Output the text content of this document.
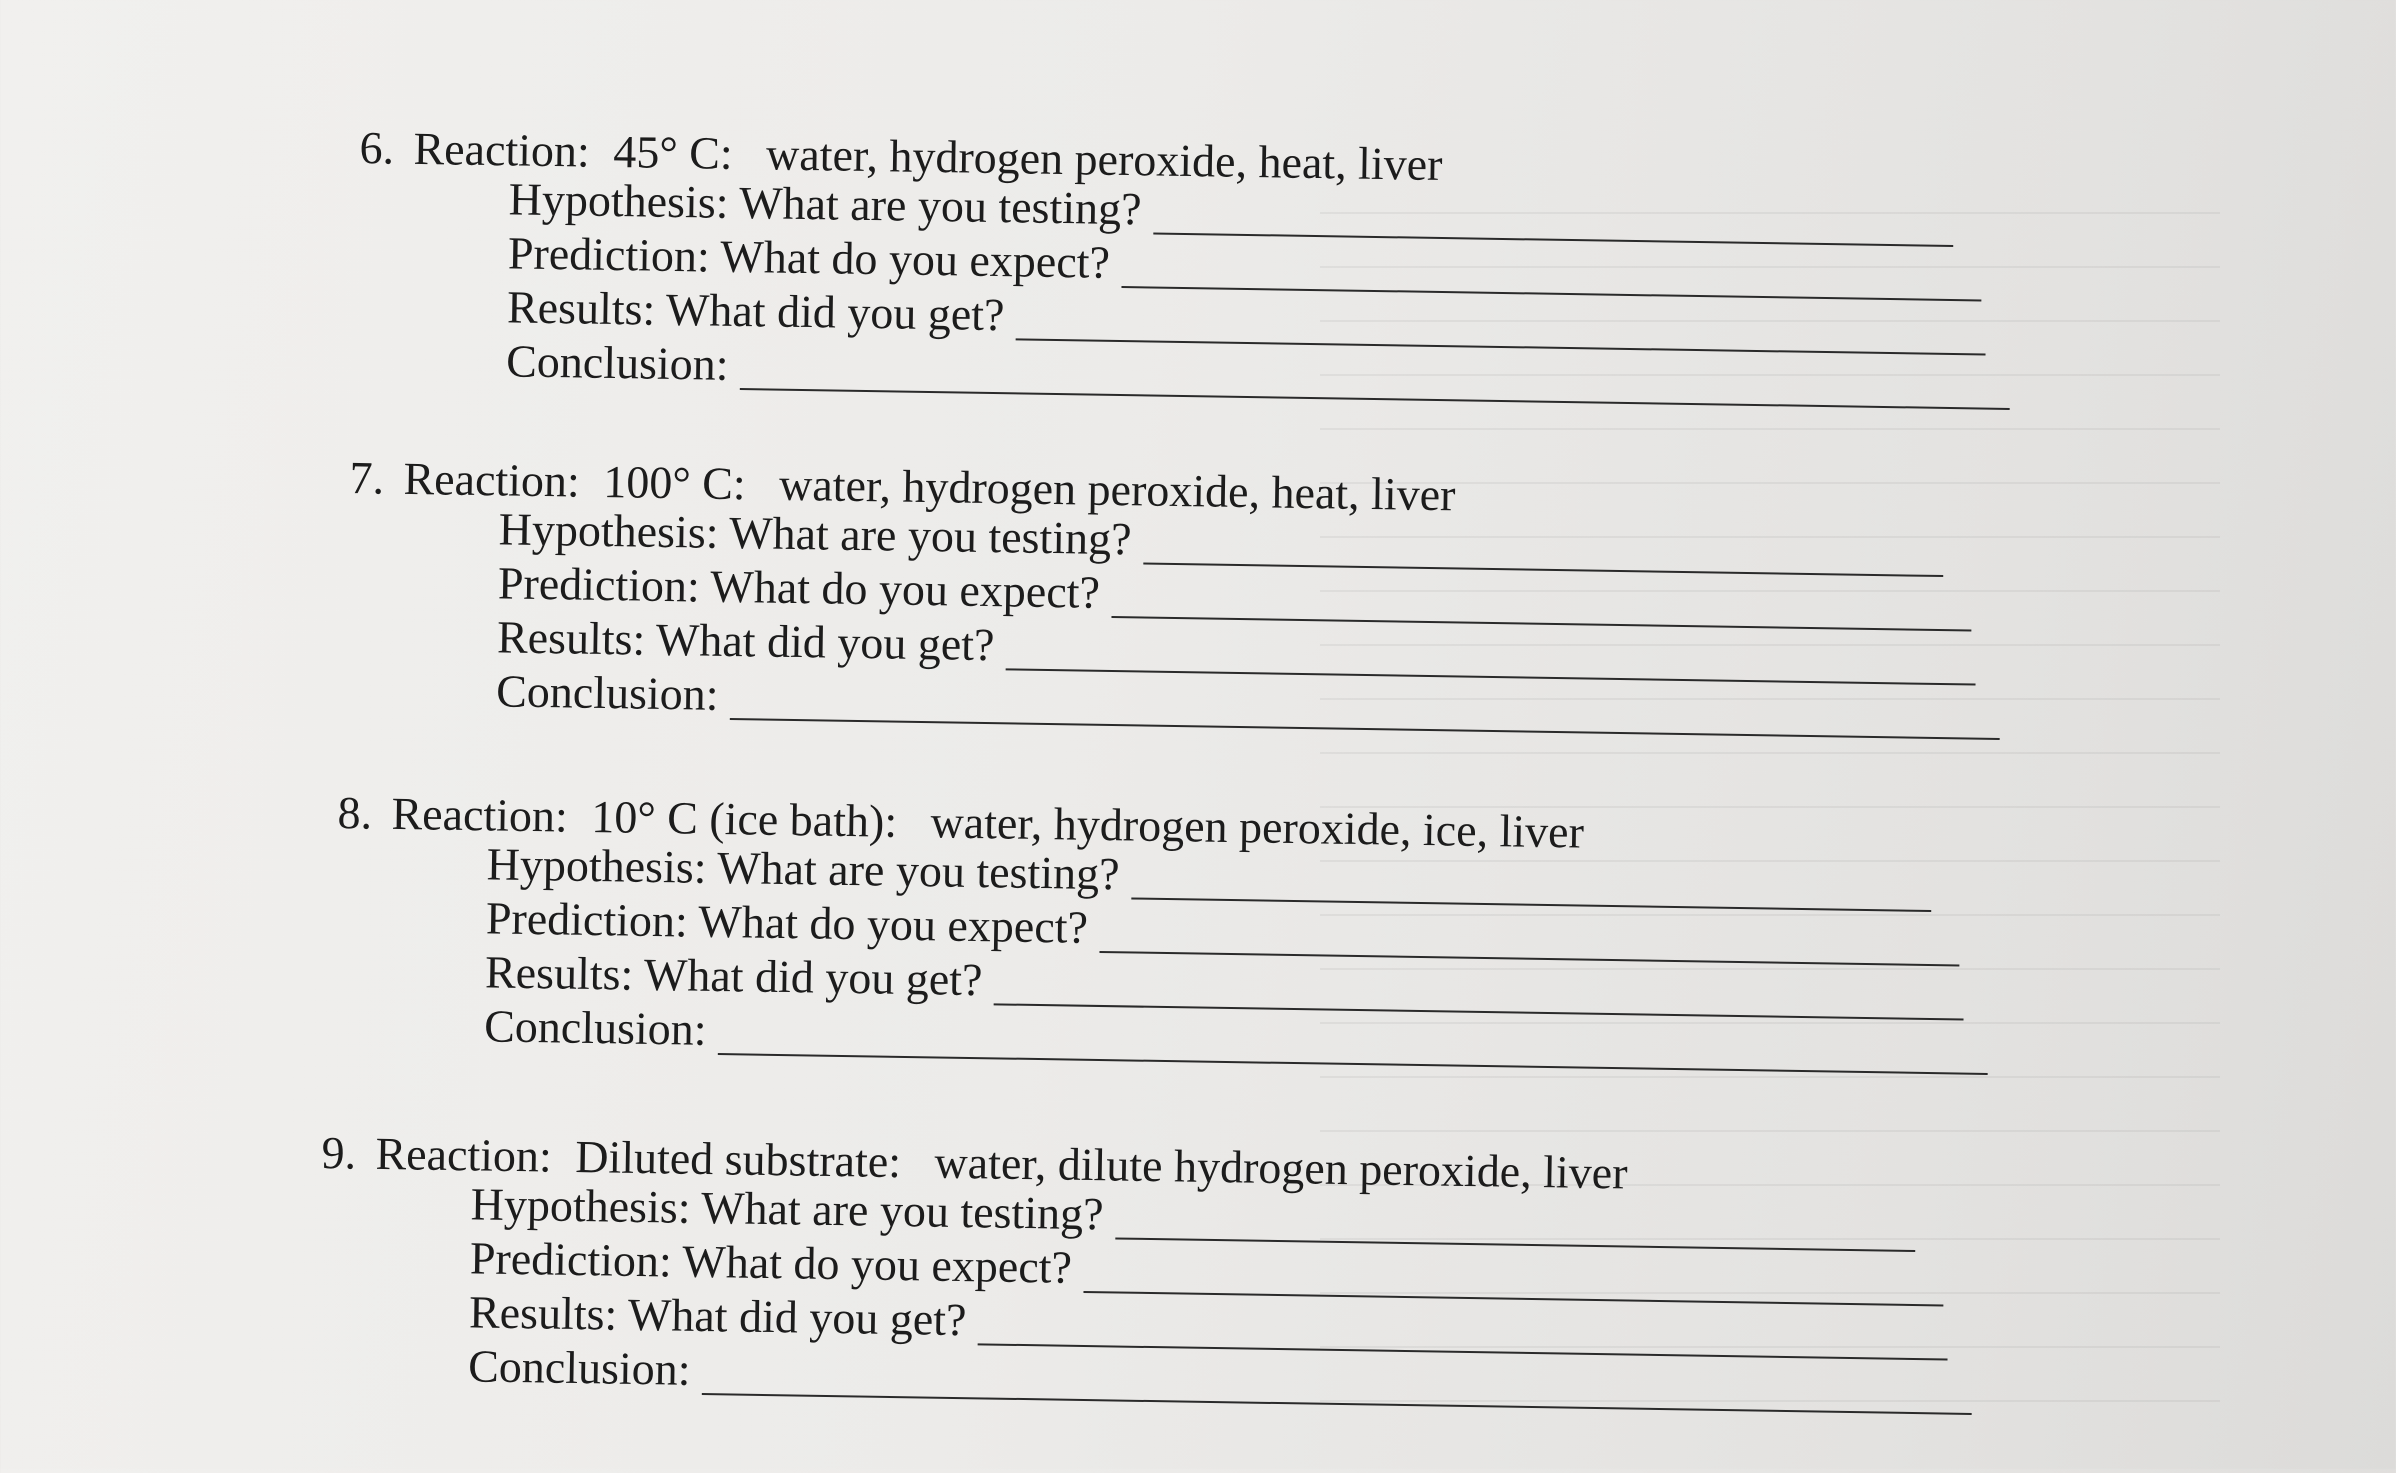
6. Reaction: 45° C: water, hydrogen peroxide, heat, liver
Hypothesis: What are you testing?
Prediction: What do you expect?
Results: What did you get?
Conclusion:
7. Reaction: 100° C: water, hydrogen peroxide, heat, liver
Hypothesis: What are you testing?
Prediction: What do you expect?
Results: What did you get?
Conclusion:
8. Reaction: 10° C (ice bath): water, hydrogen peroxide, ice, liver
Hypothesis: What are you testing?
Prediction: What do you expect?
Results: What did you get?
Conclusion:
9. Reaction: Diluted substrate: water, dilute hydrogen peroxide, liver
Hypothesis: What are you testing?
Prediction: What do you expect?
Results: What did you get?
Conclusion:
